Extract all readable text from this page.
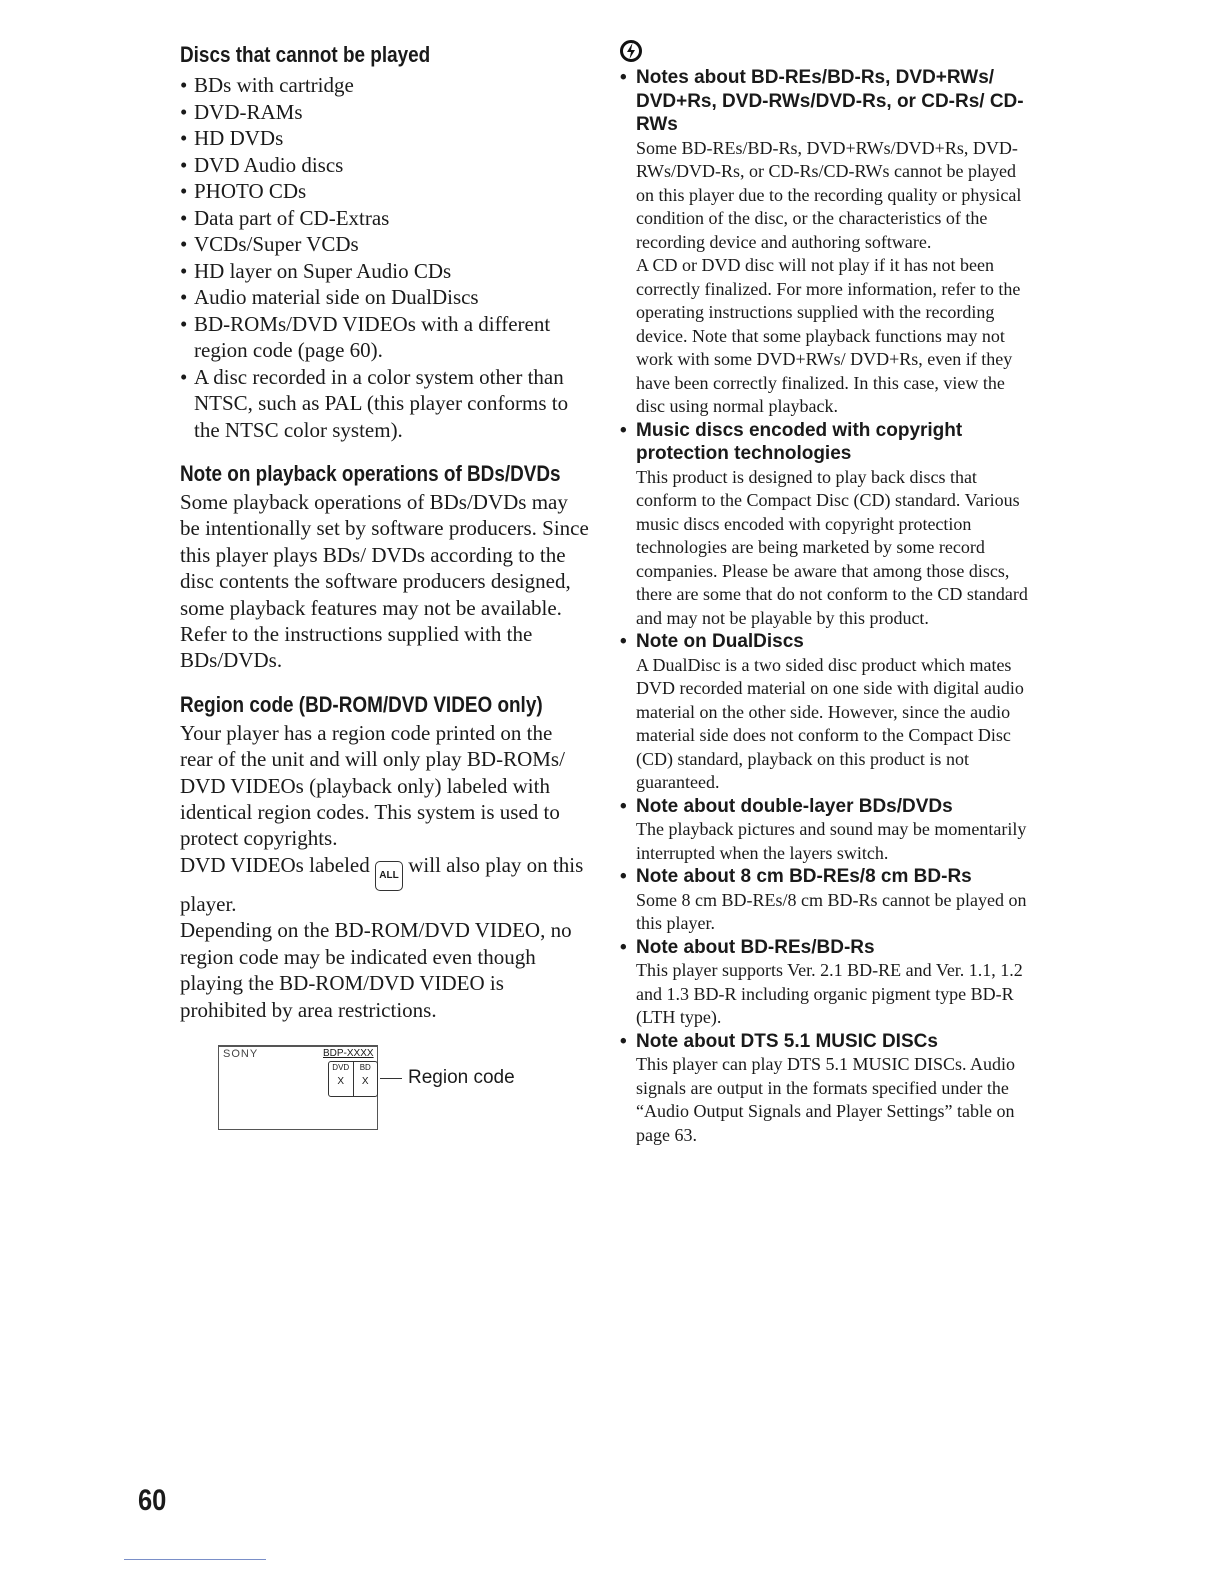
Discs that cannot be played
• BDs with cartridge
• DVD-RAMs
• HD DVDs
• DVD Audio discs
• PHOTO CDs
• Data part of CD-Extras
• VCDs/Super VCDs
• HD layer on Super Audio CDs
• Audio material side on DualDiscs
• BD-ROMs/DVD VIDEOs with a different region code (page 60).
• A disc recorded in a color system other than NTSC, such as PAL (this player conforms to the NTSC color system).
Note on playback operations of BDs/DVDs

Some playback operations of BDs/DVDs may be intentionally set by software producers. Since this player plays BDs/ DVDs according to the disc contents the software producers designed, some playback features may not be available. Refer to the instructions supplied with the BDs/DVDs.

Region code (BD-ROM/DVD VIDEO only)

Your player has a region code printed on the rear of the unit and will only play BD-ROMs/ DVD VIDEOs (playback only) labeled with identical region codes. This system is used to protect copyrights.

DVD VIDEOs labeled ALL will also play on this player.

Depending on the BD-ROM/DVD VIDEO, no region code may be indicated even though playing the BD-ROM/DVD VIDEO is prohibited by area restrictions.

SONY	BDP-XXXX
DVD
X
BD
X	Region code
• Notes about BD-REs/BD-Rs, DVD+RWs/ DVD+Rs, DVD-RWs/DVD-Rs, or CD-Rs/ CD-RWs

Some BD-REs/BD-Rs, DVD+RWs/DVD+Rs, DVD-RWs/DVD-Rs, or CD-Rs/CD-RWs cannot be played on this player due to the recording quality or physical condition of the disc, or the characteristics of the recording device and authoring software.

A CD or DVD disc will not play if it has not been correctly finalized. For more information, refer to the operating instructions supplied with the recording device. Note that some playback functions may not work with some DVD+RWs/ DVD+Rs, even if they have been correctly finalized. In this case, view the disc using normal playback.

• Music discs encoded with copyright protection technologies

This product is designed to play back discs that conform to the Compact Disc (CD) standard. Various music discs encoded with copyright protection technologies are being marketed by some record companies. Please be aware that among those discs, there are some that do not conform to the CD standard and may not be playable by this product.

• Note on DualDiscs

A DualDisc is a two sided disc product which mates DVD recorded material on one side with digital audio material on the other side. However, since the audio material side does not conform to the Compact Disc (CD) standard, playback on this product is not guaranteed.

• Note about double-layer BDs/DVDs

The playback pictures and sound may be momentarily interrupted when the layers switch.

• Note about 8 cm BD-REs/8 cm BD-Rs

Some 8 cm BD-REs/8 cm BD-Rs cannot be played on this player.

• Note about BD-REs/BD-Rs

This player supports Ver. 2.1 BD-RE and Ver. 1.1, 1.2 and 1.3 BD-R including organic pigment type BD-R (LTH type).

• Note about DTS 5.1 MUSIC DISCs

This player can play DTS 5.1 MUSIC DISCs. Audio signals are output in the formats specified under the “Audio Output Signals and Player Settings” table on page 63.

60
